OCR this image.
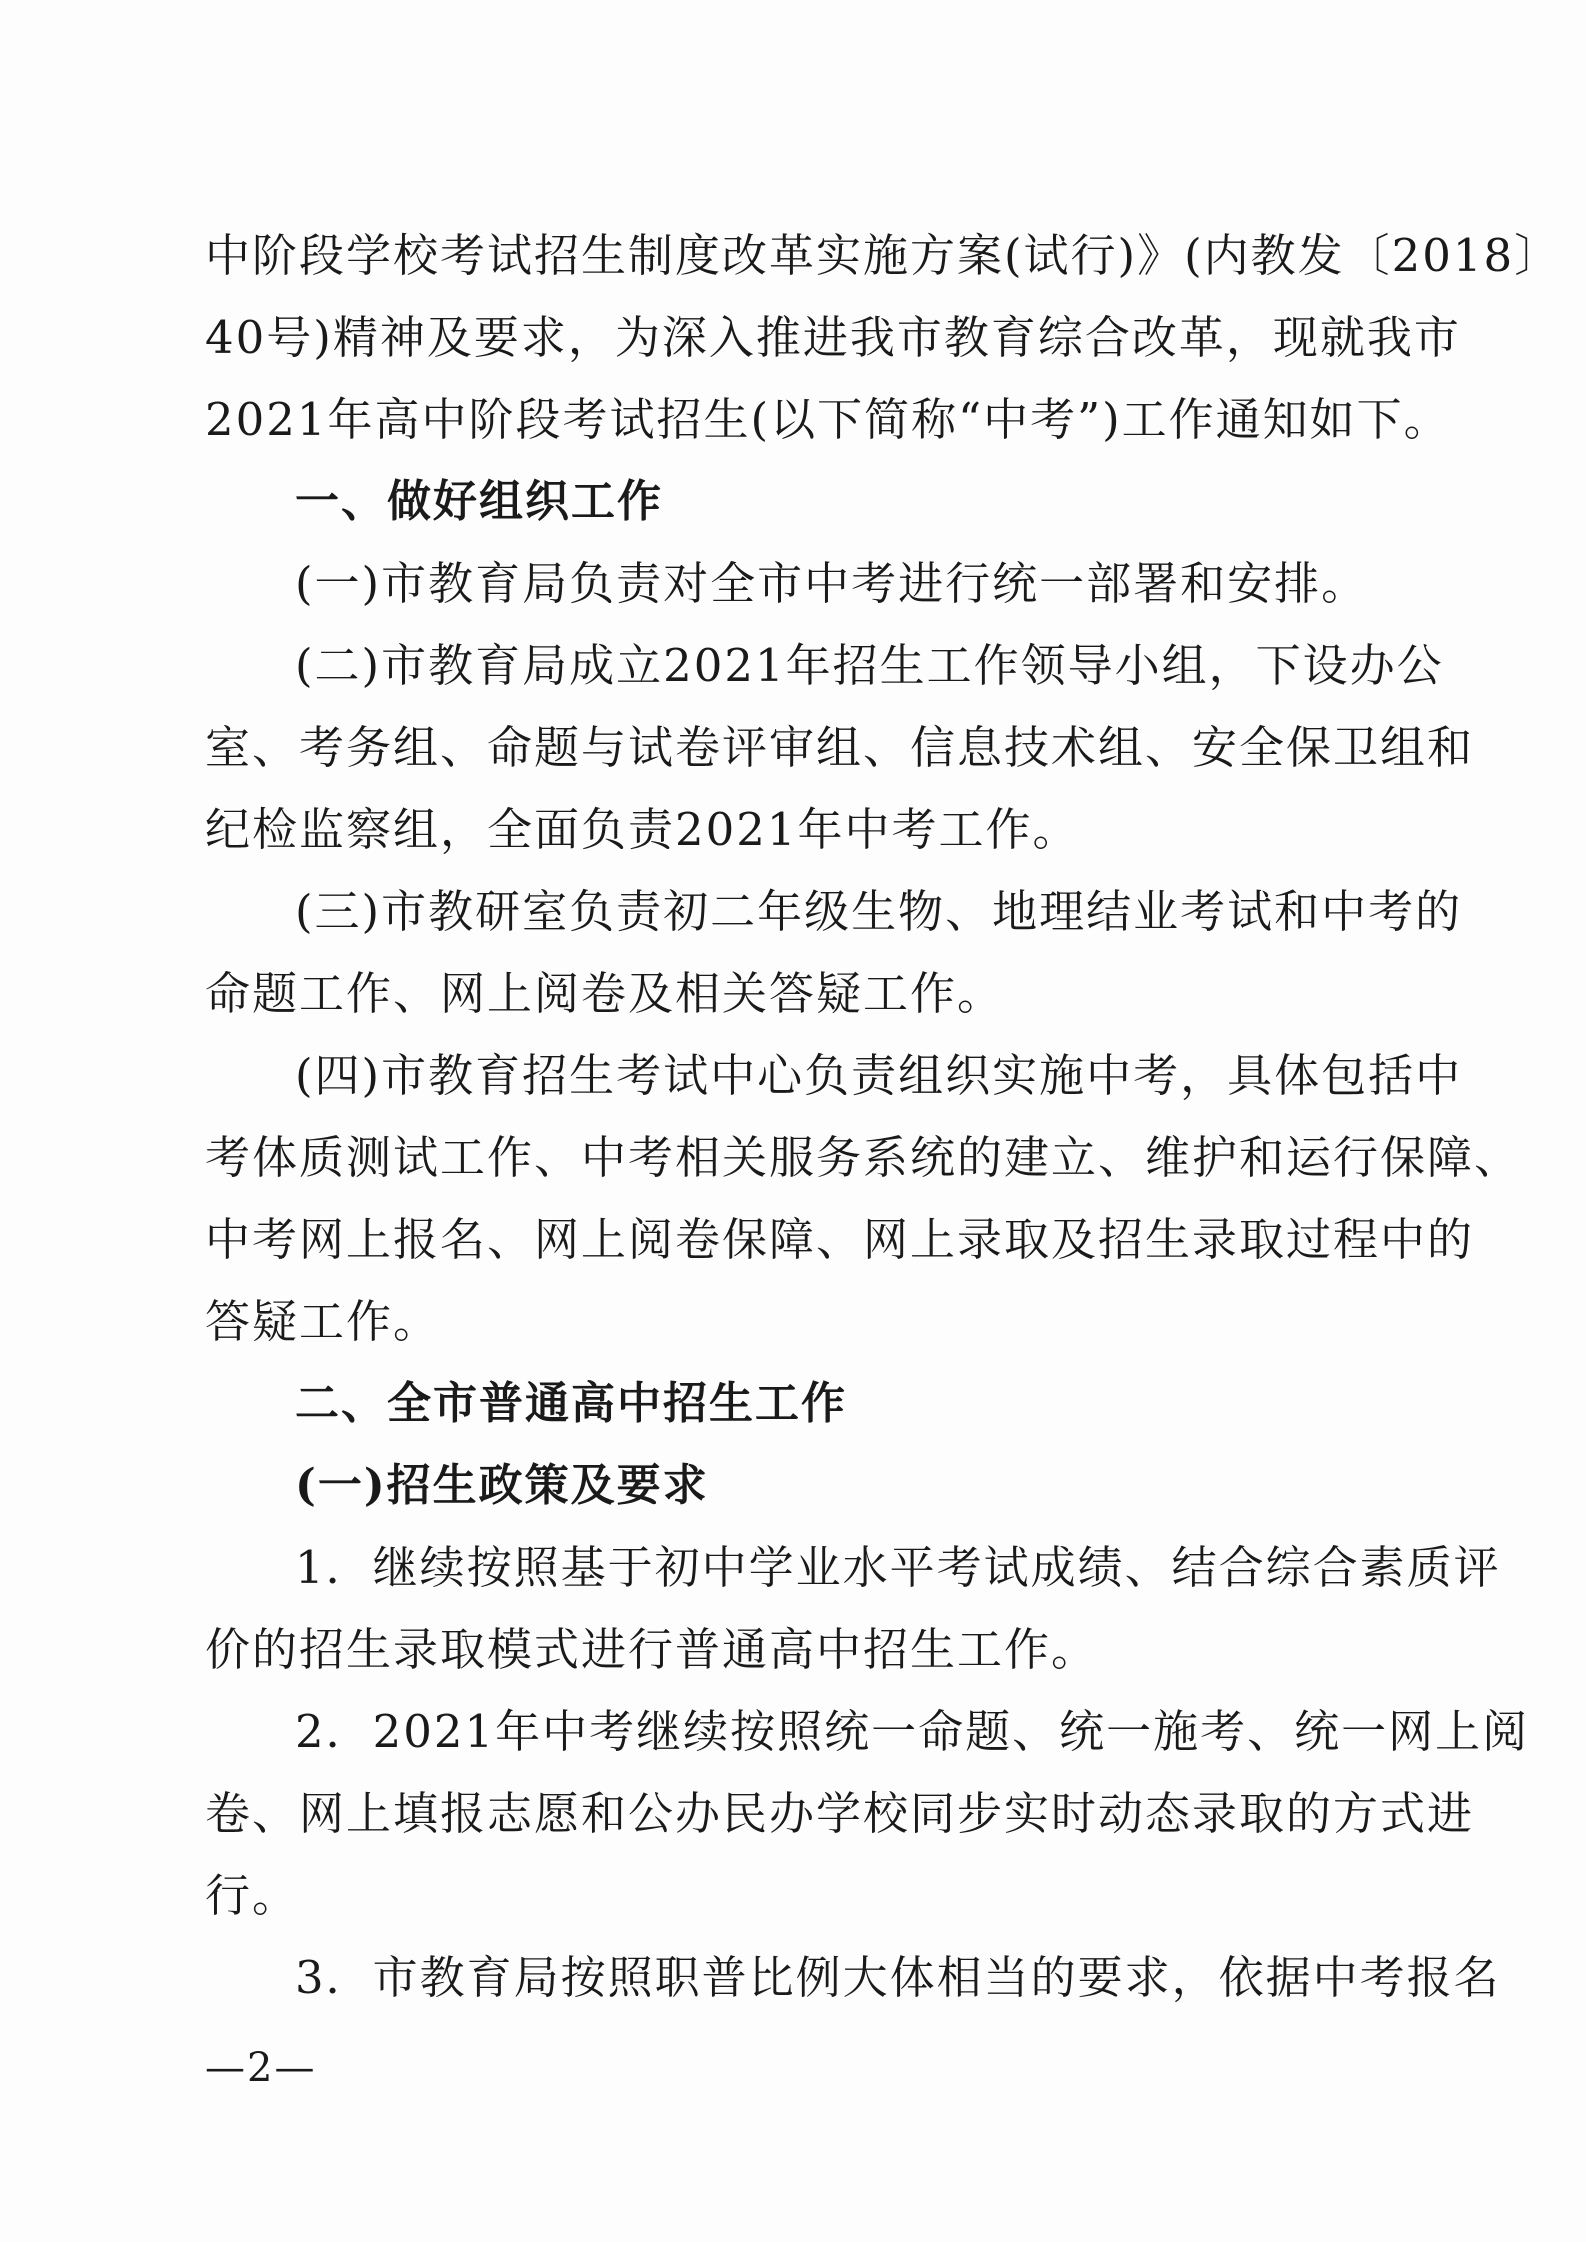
中阶段学校考试招生制度改革实施方案(试行)》(内教发〔2018〕
40号)精神及要求，为深入推进我市教育综合改革，现就我市
2021年高中阶段考试招生(以下简称“中考”)工作通知如下。
一、做好组织工作
(一)市教育局负责对全市中考进行统一部署和安排。
(二)市教育局成立2021年招生工作领导小组，下设办公
室、考务组、命题与试卷评审组、信息技术组、安全保卫组和
纪检监察组，全面负责2021年中考工作。
(三)市教研室负责初二年级生物、地理结业考试和中考的
命题工作、网上阅卷及相关答疑工作。
(四)市教育招生考试中心负责组织实施中考，具体包括中
考体质测试工作、中考相关服务系统的建立、维护和运行保障、
中考网上报名、网上阅卷保障、网上录取及招生录取过程中的
答疑工作。
二、全市普通高中招生工作
(一)招生政策及要求
1．继续按照基于初中学业水平考试成绩、结合综合素质评
价的招生录取模式进行普通高中招生工作。
2．2021年中考继续按照统一命题、统一施考、统一网上阅
卷、网上填报志愿和公办民办学校同步实时动态录取的方式进
行。
3．市教育局按照职普比例大体相当的要求，依据中考报名
—2—
